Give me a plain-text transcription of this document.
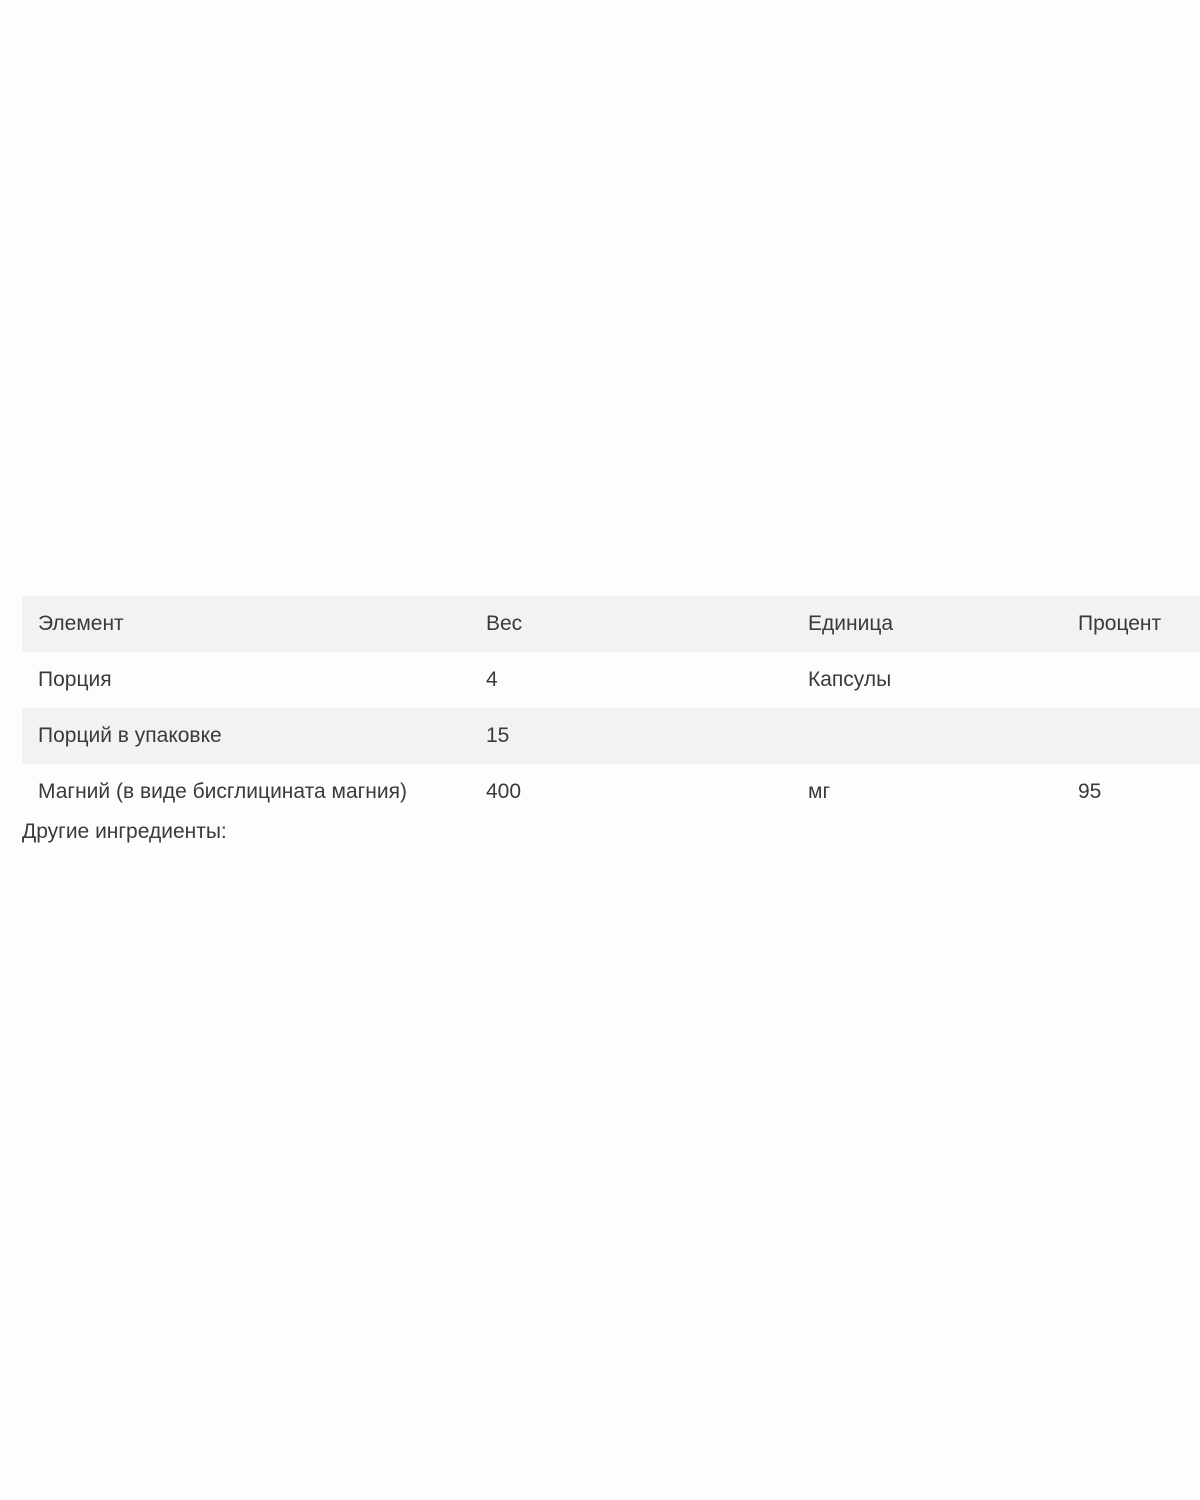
Элемент	Вес	Единица	Процент
Порция	4	Капсулы	
Порций в упаковке	15		
Магний (в виде бисглицината магния)	400	мг	95
Другие ингредиенты:
